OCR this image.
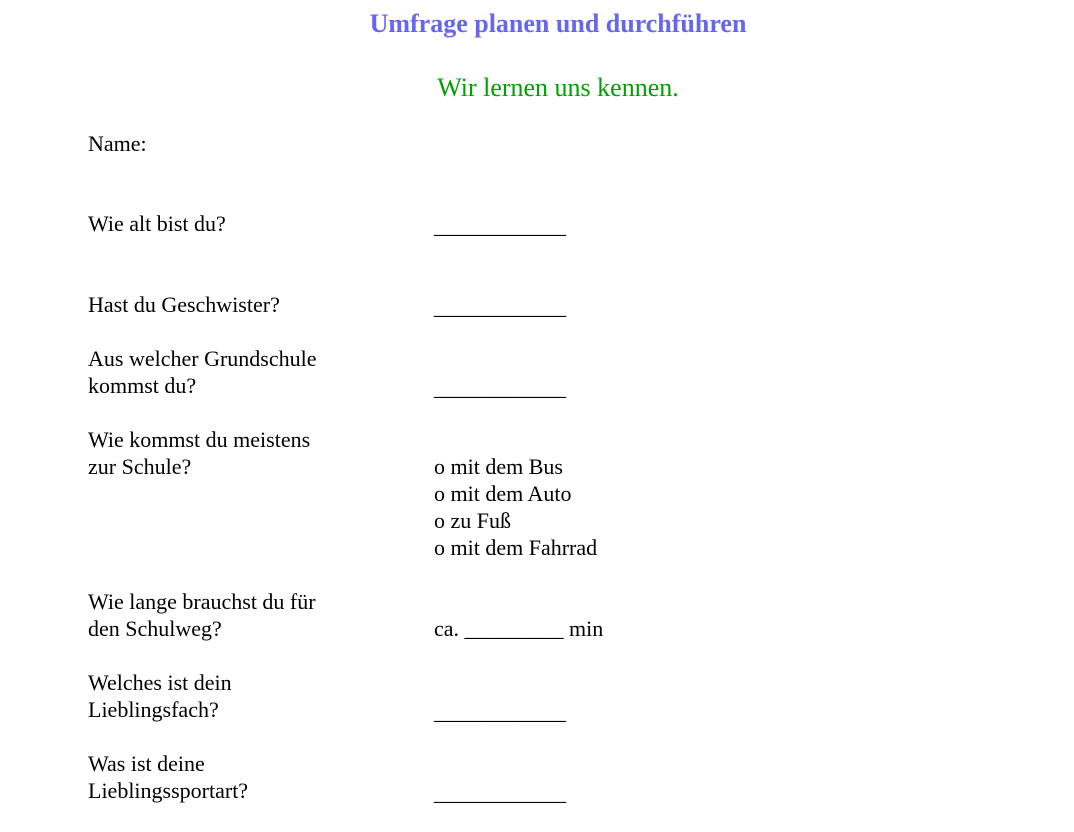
Umfrage planen und durchführen
Wir lernen uns kennen.
Name:
Wie alt bist du?	____________
Hast du Geschwister?	____________
Aus welcher Grundschule
kommst du?	____________
Wie kommst du meistens
zur Schule?	o mit dem Bus
o mit dem Auto
o zu Fuß
o mit dem Fahrrad
Wie lange brauchst du für
den Schulweg?	ca. _________ min
Welches ist dein
Lieblingsfach?	____________
Was ist deine
Lieblingssportart?	____________
